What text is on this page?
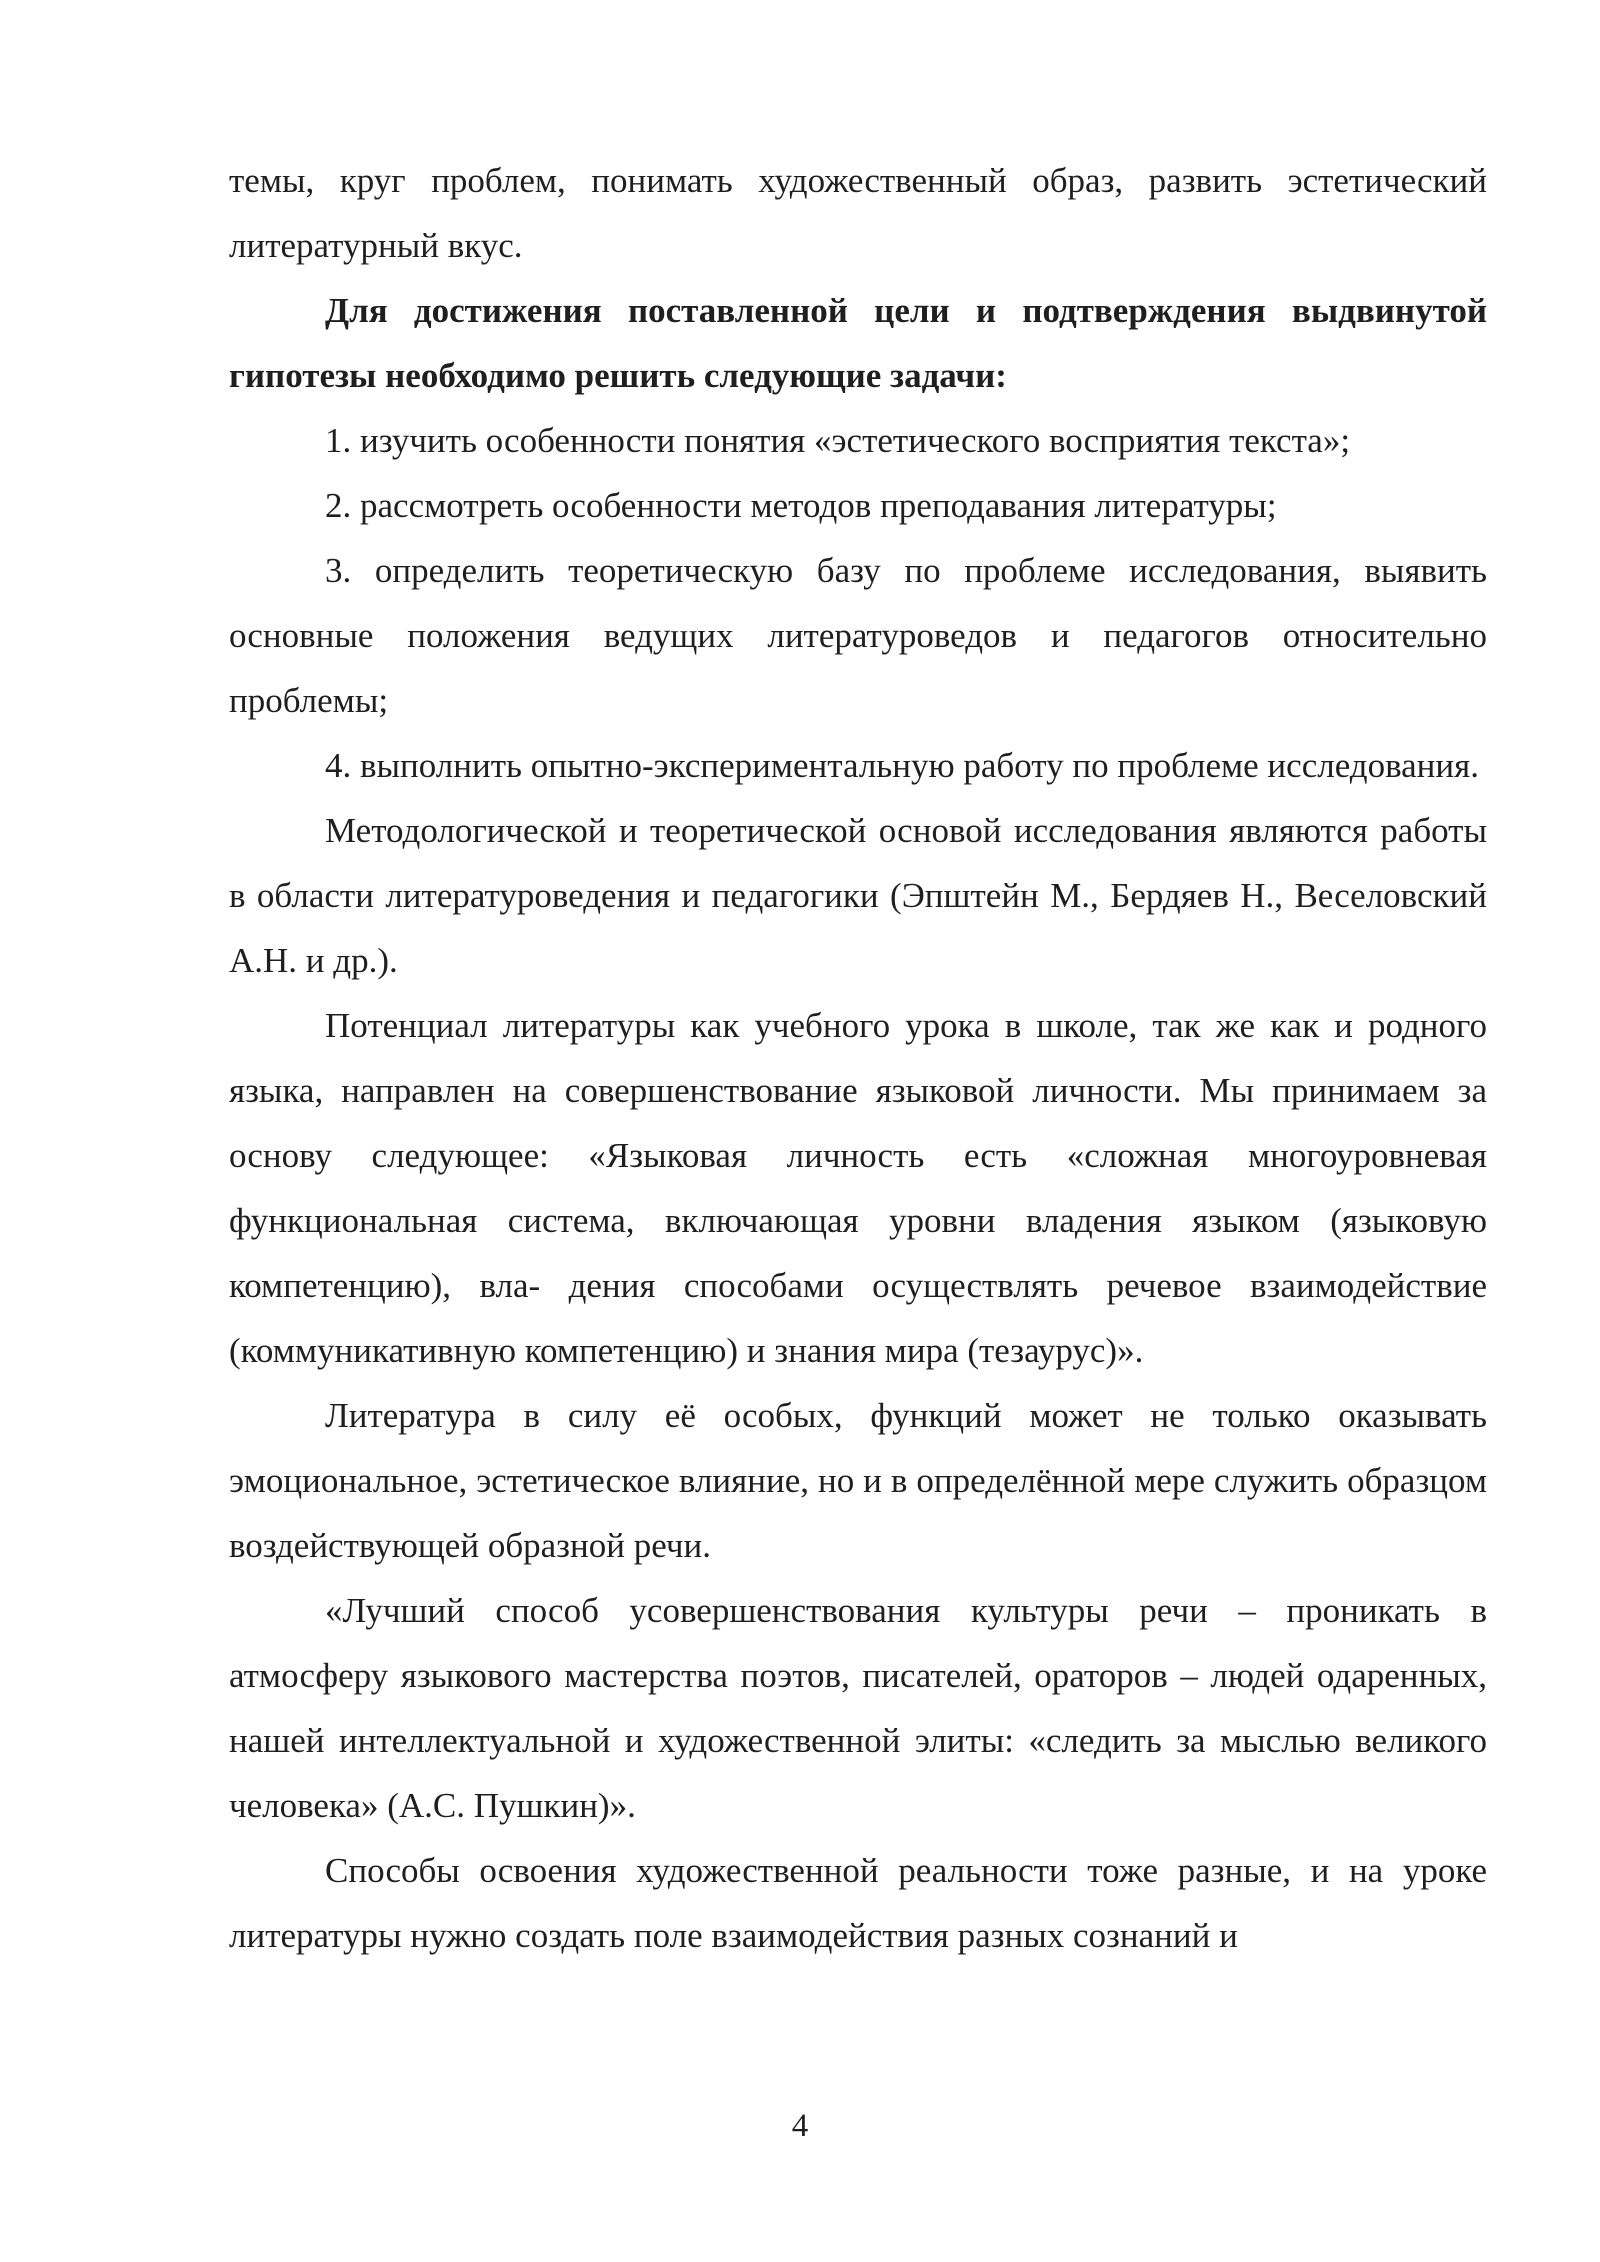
темы, круг проблем, понимать художественный образ, развить эстетический литературный вкус.

Для достижения поставленной цели и подтверждения выдвинутой гипотезы необходимо решить следующие задачи:

1. изучить особенности понятия «эстетического восприятия текста»;

2. рассмотреть особенности методов преподавания литературы;

3. определить теоретическую базу по проблеме исследования, выявить основные положения ведущих литературоведов и педагогов относительно проблемы;

4. выполнить опытно-экспериментальную работу по проблеме исследования.

Методологической и теоретической основой исследования являются работы в области литературоведения и педагогики (Эпштейн М., Бердяев Н., Веселовский А.Н. и др.).

Потенциал литературы как учебного урока в школе, так же как и родного языка, направлен на совершенствование языковой личности. Мы принимаем за основу следующее: «Языковая личность есть «сложная многоуровневая функциональная система, включающая уровни владения языком (языковую компетенцию), вла- дения способами осуществлять речевое взаимодействие (коммуникативную компетенцию) и знания мира (тезаурус)».

Литература в силу её особых, функций может не только оказывать эмоциональное, эстетическое влияние, но и в определённой мере служить образцом воздействующей образной речи.

«Лучший способ усовершенствования культуры речи – проникать в атмосферу языкового мастерства поэтов, писателей, ораторов – людей одаренных, нашей интеллектуальной и художественной элиты: «следить за мыслью великого человека» (А.С. Пушкин)».

Способы освоения художественной реальности тоже разные, и на уроке литературы нужно создать поле взаимодействия разных сознаний и

4
